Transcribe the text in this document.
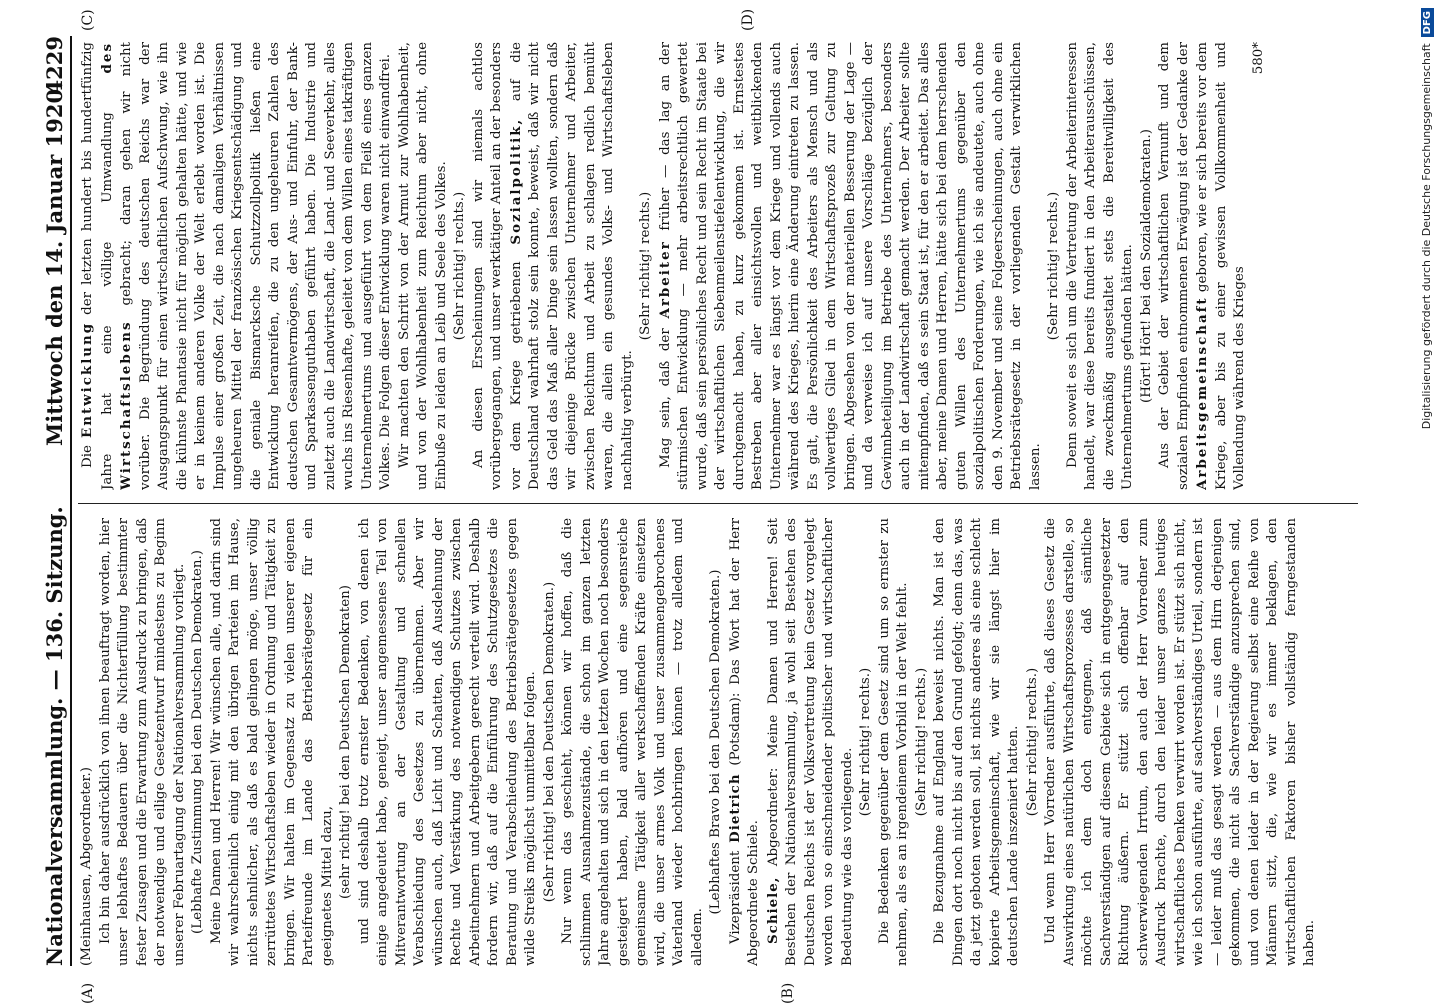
Nationalversammlung. — 136. Sitzung.
Mittwoch den 14. Januar 1920.
4229
(A)	(B)
(C)	(D)

(Meinhausen, Abgeordneter.) Ich bin daher ausdrücklich von ihnen beauftragt worden, hier unser lebhaftes Bedauern über die Nichterfüllung bestimmter fester Zusagen und die Erwartung zum Ausdruck zu bringen, daß der notwendige und eilige Gesetzentwurf mindestens zu Beginn unserer Februartagung der Nationalversammlung vorliegt. (Lebhafte Zustimmung bei den Deutschen Demokraten.) Meine Damen und Herren! Wir wünschen alle, und darin sind wir wahrscheinlich einig mit den übrigen Parteien im Hause, nichts sehnlicher, als daß es bald gelingen möge, unser völlig zerrüttetes Wirtschaftsleben wieder in Ordnung und Tätigkeit zu bringen. Wir halten im Gegensatz zu vielen unserer eigenen Parteifreunde im Lande das Betriebsrätegesetz für ein geeignetes Mittel dazu, (sehr richtig! bei den Deutschen Demokraten) und sind deshalb trotz ernster Bedenken, von denen ich einige angedeutet habe, geneigt, unser angemessenes Teil von Mitverantwortung an der Gestaltung und schnellen Verabschiedung des Gesetzes zu übernehmen. Aber wir wünschen auch, daß Licht und Schatten, daß Ausdehnung der Rechte und Verstärkung des notwendigen Schutzes zwischen Arbeitnehmern und Arbeitgebern gerecht verteilt wird. Deshalb fordern wir, daß auf die Einführung des Schutzgesetzes die Beratung und Verabschiedung des Betriebsrätegesetzes gegen wilde Streiks möglichst unmittelbar folgen. (Sehr richtig! bei den Deutschen Demokraten.) Nur wenn das geschieht, können wir hoffen, daß die schlimmen Ausnahmezustände, die schon im ganzen letzten Jahre angehalten und sich in den letzten Wochen noch besonders gesteigert haben, bald aufhören und eine segensreiche gemeinsame Tätigkeit aller werkschaffenden Kräfte einsetzen wird, die unser armes Volk und unser zusammengebrochenes Vaterland wieder hochbringen können — trotz alledem und alledem.

(Lebhaftes Bravo bei den Deutschen Demokraten.) Vizepräsident Dietrich (Potsdam): Das Wort hat der Herr Abgeordnete Schiele. Schiele, Abgeordneter: Meine Damen und Herren! Seit Bestehen der Nationalversammlung, ja wohl seit Bestehen des Deutschen Reichs ist der Volksvertretung kein Gesetz vorgelegt worden von so einschneidender politischer und wirtschaftlicher Bedeutung wie das vorliegende.

(Sehr richtig! rechts.) Die Bedenken gegenüber dem Gesetz sind um so ernster zu nehmen, als es an irgendeinem Vorbild in der Welt fehlt. (Sehr richtig! rechts.) Die Bezugnahme auf England beweist nichts. Man ist den Dingen dort noch nicht bis auf den Grund gefolgt; denn das, was da jetzt geboten werden soll, ist nichts anderes als eine schlecht kopierte Arbeitsgemeinschaft, wie wir sie längst hier im deutschen Lande inszeniert hatten. (Sehr richtig! rechts.) Und wenn Herr Vorredner ausführte, daß dieses Gesetz die Auswirkung eines natürlichen Wirtschaftsprozesses darstelle, so möchte ich dem doch entgegnen, daß sämtliche Sachverständigen auf diesem Gebiete sich in entgegengesetzter Richtung äußern. Er stützt sich offenbar auf den schwerwiegenden Irrtum, den auch der Herr Vorredner zum Ausdruck brachte, durch den leider unser ganzes heutiges wirtschaftliches Denken verwirrt worden ist. Er stützt sich nicht, wie ich schon ausführte, auf sachverständiges Urteil, sondern ist — leider muß das gesagt werden — aus dem Hirn derjenigen gekommen, die nicht als Sachverständige anzusprechen sind, und von denen leider in der Regierung selbst eine Reihe von Männern sitzt, die, wie wir es immer beklagen, den wirtschaftlichen Faktoren bisher vollständig ferngestanden haben.

Die Entwicklung der letzten hundert bis hundertfünfzig Jahre hat eine völlige Umwandlung des Wirtschaftslebens gebracht; daran gehen wir nicht vorüber. Die Begründung des deutschen Reichs war der Ausgangspunkt für einen wirtschaftlichen Aufschwung, wie ihn die kühnste Phantasie nicht für möglich gehalten hätte, und wie er in keinem anderen Volke der Welt erlebt worden ist. Die Impulse einer großen Zeit, die nach damaligen Verhältnissen ungeheuren Mittel der französischen Kriegsentschädigung und die geniale Bismarcksche Schutzzollpolitik ließen eine Entwicklung heranreifen, die zu den ungeheuren Zahlen des deutschen Gesamtvermögens, der Aus- und Einfuhr, der Bank- und Sparkassenguthaben geführt haben. Die Industrie und zuletzt auch die Landwirtschaft, die Land- und Seeverkehr, alles wuchs ins Riesenhafte, geleitet von dem Willen eines tatkräftigen Unternehmertums und ausgeführt von dem Fleiß eines ganzen Volkes. Die Folgen dieser Entwicklung waren nicht einwandfrei. Wir machten den Schritt von der Armut zur Wohlhabenheit, und von der Wohlhabenheit zum Reichtum aber nicht, ohne Einbuße zu leiden an Leib und Seele des Volkes. (Sehr richtig! rechts.) An diesen Erscheinungen sind wir niemals achtlos vorübergegangen, und unser werktätiger Anteil an der besonders vor dem Kriege getriebenen Sozialpolitik, auf die Deutschland wahrhaft stolz sein konnte, beweist, daß wir nicht das Geld das Maß aller Dinge sein lassen wollten, sondern daß wir diejenige Brücke zwischen Unternehmer und Arbeiter, zwischen Reichtum und Arbeit zu schlagen redlich bemüht waren, die allein ein gesundes Volks- und Wirtschaftsleben nachhaltig verbürgt.

(Sehr richtig! rechts.)

Mag sein, daß der Arbeiter früher — das lag an der stürmischen Entwicklung — mehr arbeitsrechtlich gewertet wurde, daß sein persönliches Recht und sein Recht im Staate bei der wirtschaftlichen Siebenmeilenstiefelentwicklung, die wir durchgemacht haben, zu kurz gekommen ist. Ernstestes Bestreben aber aller einsichtsvollen und weitblickenden Unternehmer war es längst vor dem Kriege und vollends auch während des Krieges, hierin eine Änderung eintreten zu lassen. Es galt, die Persönlichkeit des Arbeiters als Mensch und als vollwertiges Glied in dem Wirtschaftsprozeß zur Geltung zu bringen. Abgesehen von der materiellen Besserung der Lage — und da verweise ich auf unsere Vorschläge bezüglich der Gewinnbeteiligung im Betriebe des Unternehmers, besonders auch in der Landwirtschaft gemacht werden. Der Arbeiter sollte mitempfinden, daß es sein Staat ist, für den er arbeitet. Das alles aber, meine Damen und Herren, hätte sich bei dem herrschenden guten Willen des Unternehmertums gegenüber den sozialpolitischen Forderungen, wie ich sie andeutete, auch ohne den 9. November und seine Folgeerscheinungen, auch ohne ein Betriebsrätegesetz in der vorliegenden Gestalt verwirklichen lassen.

(Sehr richtig! rechts.) Denn soweit es sich um die Vertretung der Arbeiterinteressen handelt, war diese bereits fundiert in den Arbeiterausschüssen, die zweckmäßig ausgestaltet stets die Bereitwilligkeit des Unternehmertums gefunden hätten. (Hört! Hört! bei den Sozialdemokraten.) Aus der Gebiet der wirtschaftlichen Vernunft und dem sozialen Empfinden entnommenen Erwägung ist der Gedanke der Arbeitsgemeinschaft geboren, wie er sich bereits vor dem Kriege, aber bis zu einer gewissen Vollkommenheit und Vollendung während des Krieges

580*	Digitalisierung gefördert durch die Deutsche ForschungsgemeinschaftDFG
